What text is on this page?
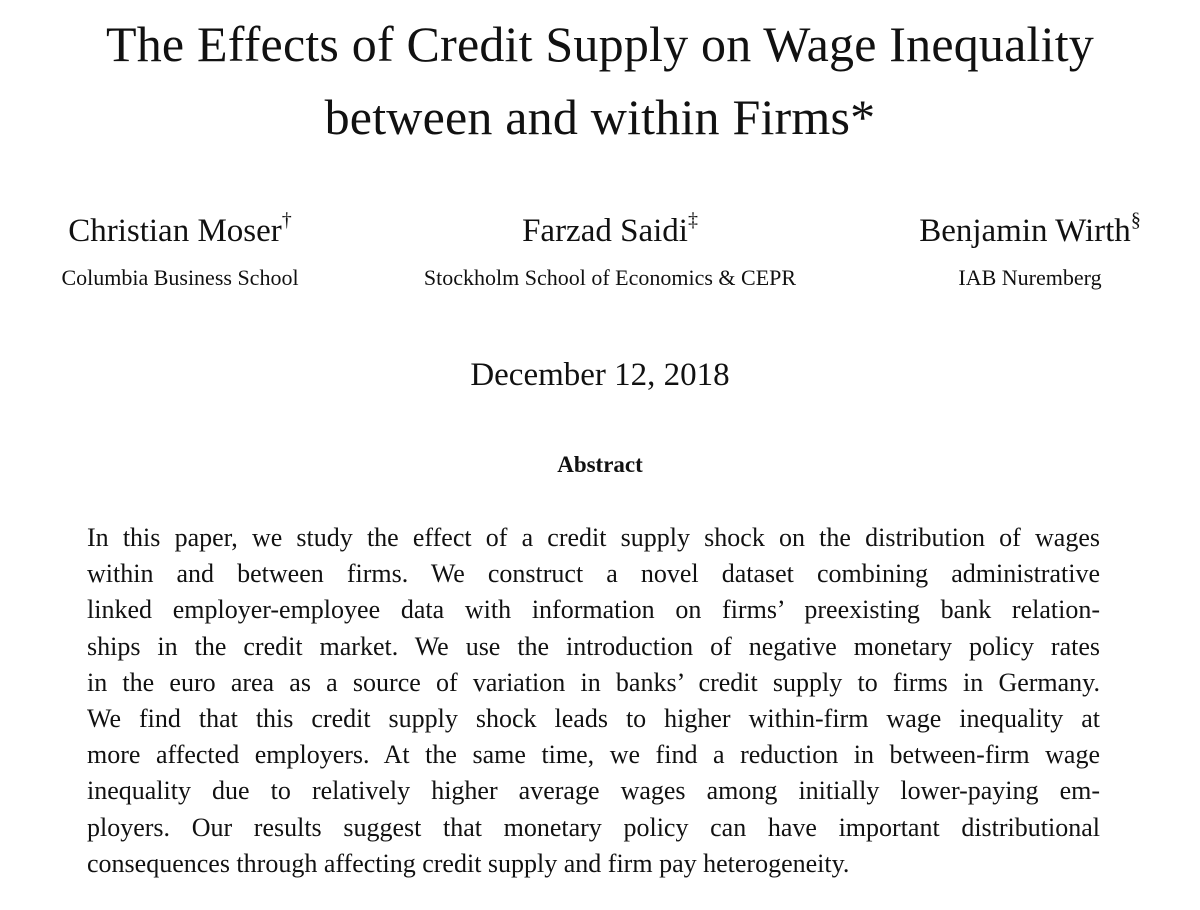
The Effects of Credit Supply on Wage Inequality
between and within Firms*
Christian Moser†
Columbia Business School
Farzad Saidi‡
Stockholm School of Economics & CEPR
Benjamin Wirth§
IAB Nuremberg
December 12, 2018
Abstract
In this paper, we study the effect of a credit supply shock on the distribution of wages
within and between firms. We construct a novel dataset combining administrative
linked employer-employee data with information on firms’ preexisting bank relation-
ships in the credit market. We use the introduction of negative monetary policy rates
in the euro area as a source of variation in banks’ credit supply to firms in Germany.
We find that this credit supply shock leads to higher within-firm wage inequality at
more affected employers. At the same time, we find a reduction in between-firm wage
inequality due to relatively higher average wages among initially lower-paying em-
ployers. Our results suggest that monetary policy can have important distributional
consequences through affecting credit supply and firm pay heterogeneity.
